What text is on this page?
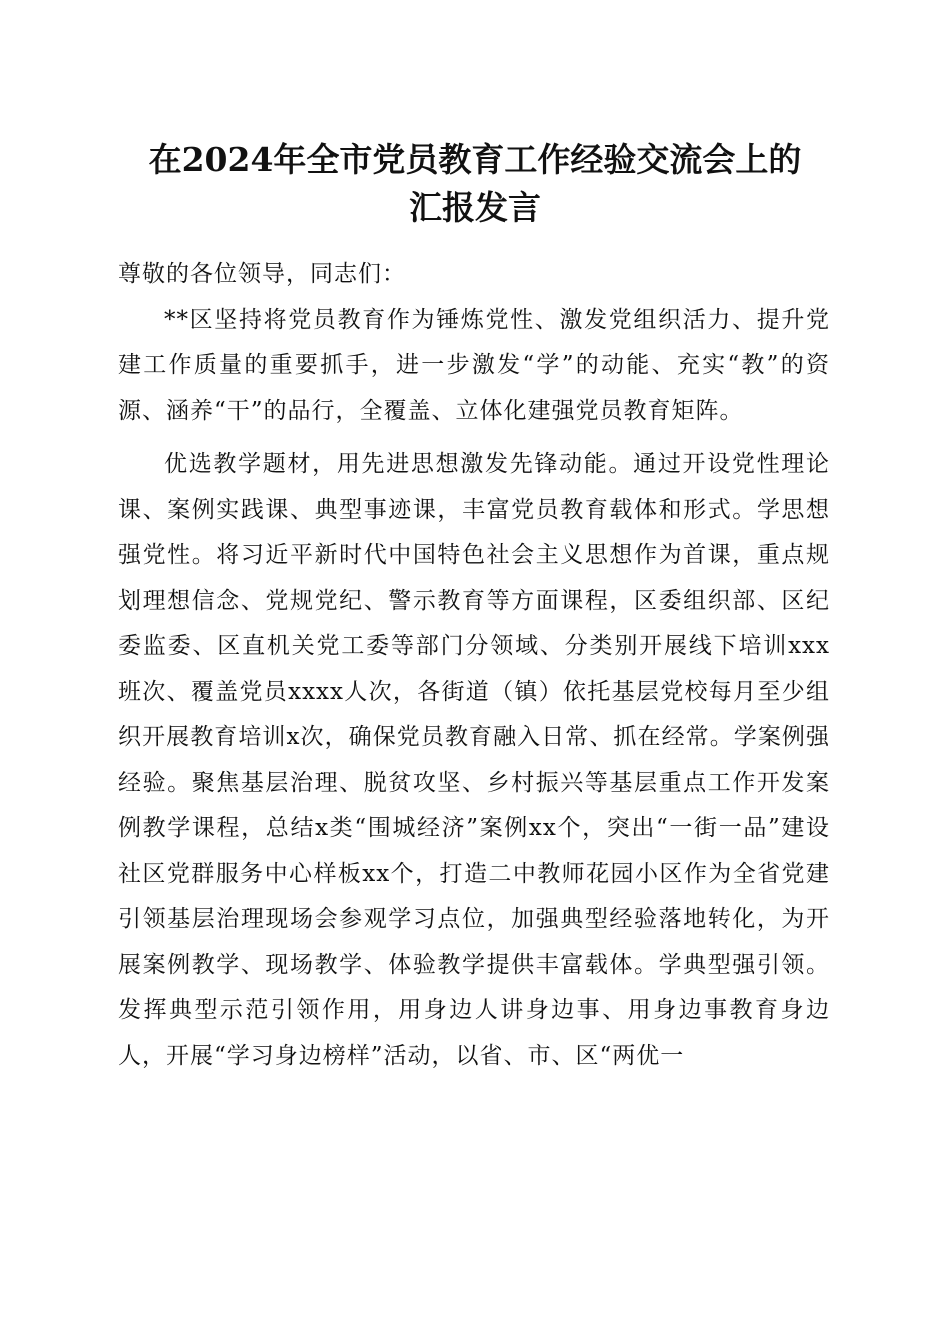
在2024年全市党员教育工作经验交流会上的
汇报发言

尊敬的各位领导，同志们：

**区坚持将党员教育作为锤炼党性、激发党组织活力、提升党建工作质量的重要抓手，进一步激发“学”的动能、充实“教”的资源、涵养“干”的品行，全覆盖、立体化建强党员教育矩阵。

优选教学题材，用先进思想激发先锋动能。通过开设党性理论课、案例实践课、典型事迹课，丰富党员教育载体和形式。学思想强党性。将习近平新时代中国特色社会主义思想作为首课，重点规划理想信念、党规党纪、警示教育等方面课程，区委组织部、区纪委监委、区直机关党工委等部门分领域、分类别开展线下培训xxx班次、覆盖党员xxxx人次，各街道（镇）依托基层党校每月至少组织开展教育培训x次，确保党员教育融入日常、抓在经常。学案例强经验。聚焦基层治理、脱贫攻坚、乡村振兴等基层重点工作开发案例教学课程，总结x类“围城经济”案例xx个，突出“一街一品”建设社区党群服务中心样板xx个，打造二中教师花园小区作为全省党建引领基层治理现场会参观学习点位，加强典型经验落地转化，为开展案例教学、现场教学、体验教学提供丰富载体。学典型强引领。发挥典型示范引领作用，用身边人讲身边事、用身边事教育身边人，开展“学习身边榜样”活动，以省、市、区“两优一
